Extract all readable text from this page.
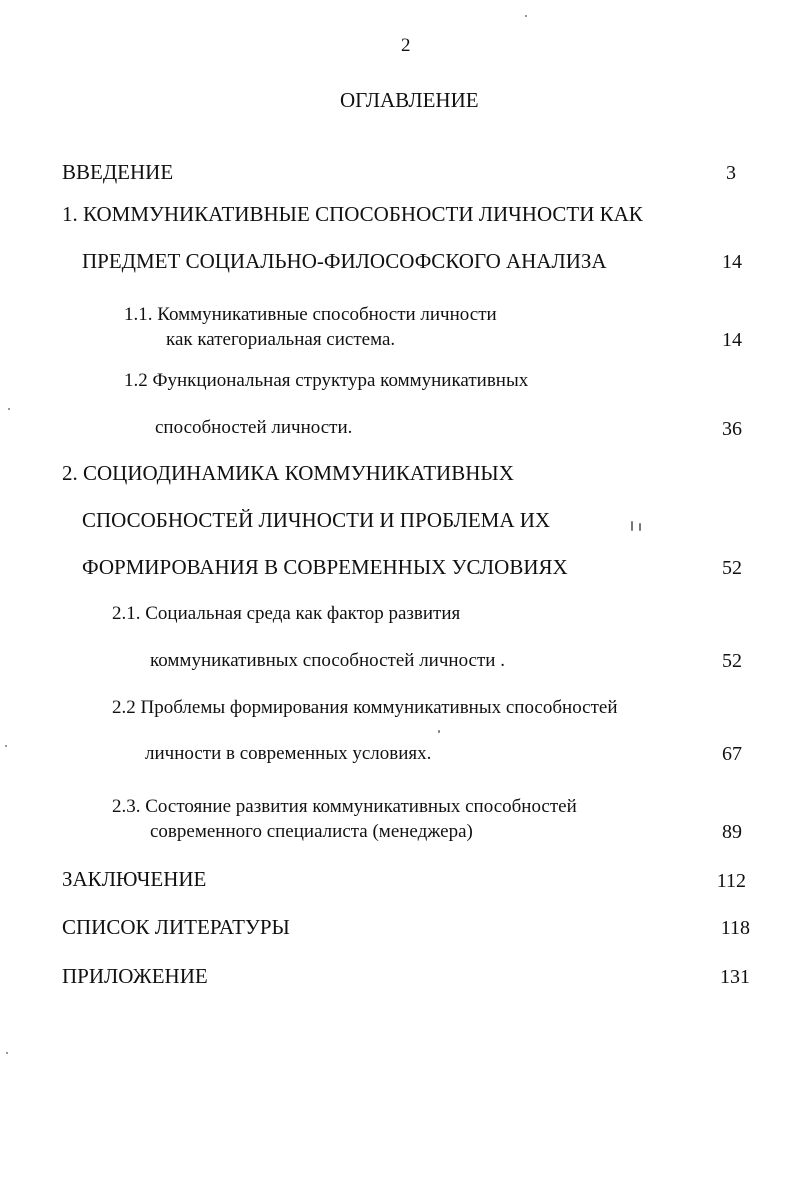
2
ОГЛАВЛЕНИЕ
ВВЕДЕНИЕ	3
1. КОММУНИКАТИВНЫЕ СПОСОБНОСТИ ЛИЧНОСТИ КАК
ПРЕДМЕТ СОЦИАЛЬНО-ФИЛОСОФСКОГО АНАЛИЗА	14
1.1. Коммуникативные способности личности
как категориальная система.	14
1.2 Функциональная структура коммуникативных
способностей личности.	36
2. СОЦИОДИНАМИКА КОММУНИКАТИВНЫХ
СПОСОБНОСТЕЙ ЛИЧНОСТИ И ПРОБЛЕМА ИХ
ФОРМИРОВАНИЯ В СОВРЕМЕННЫХ УСЛОВИЯХ	52
2.1. Социальная среда как фактор развития
коммуникативных способностей личности .	52
2.2 Проблемы формирования коммуникативных способностей
личности в современных условиях.	67
2.3. Состояние развития коммуникативных способностей
современного специалиста (менеджера)	89
ЗАКЛЮЧЕНИЕ	112
СПИСОК ЛИТЕРАТУРЫ	118
ПРИЛОЖЕНИЕ	131
